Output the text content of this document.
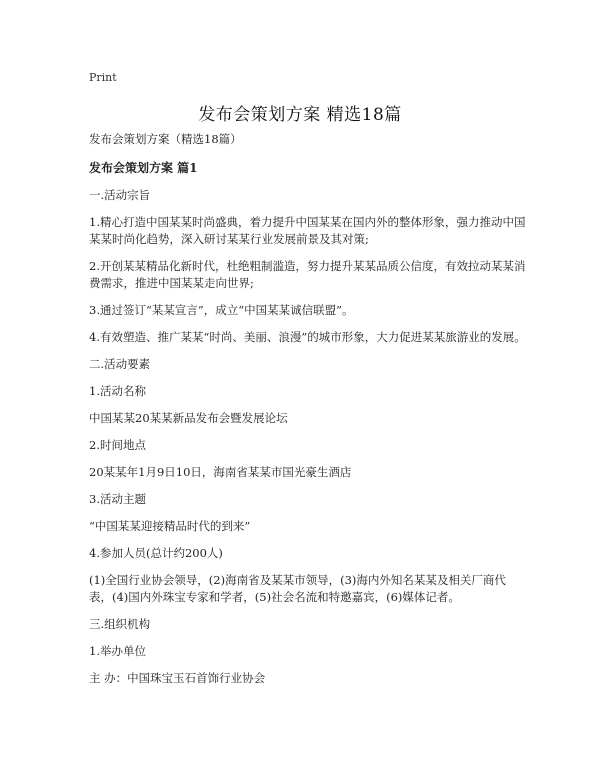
Print
发布会策划方案 精选18篇

发布会策划方案（精选18篇）

发布会策划方案 篇1

一.活动宗旨

1.精心打造中国某某时尚盛典，着力提升中国某某在国内外的整体形象，强力推动中国某某时尚化趋势，深入研讨某某行业发展前景及其对策;

2.开创某某精品化新时代，杜绝粗制滥造，努力提升某某品质公信度，有效拉动某某消费需求，推进中国某某走向世界;

3.通过签订“某某宣言”，成立“中国某某诚信联盟”。

4.有效塑造、推广某某“时尚、美丽、浪漫”的城市形象，大力促进某某旅游业的发展。

二.活动要素

1.活动名称

中国某某20某某新品发布会暨发展论坛

2.时间地点

20某某年1月9日10日，海南省某某市国光豪生酒店

3.活动主题

“中国某某迎接精品时代的到来”

4.参加人员(总计约200人)

(1)全国行业协会领导，(2)海南省及某某市领导，(3)海内外知名某某及相关厂商代表，(4)国内外珠宝专家和学者，(5)社会名流和特邀嘉宾，(6)媒体记者。

三.组织机构

1.举办单位

主 办：中国珠宝玉石首饰行业协会
